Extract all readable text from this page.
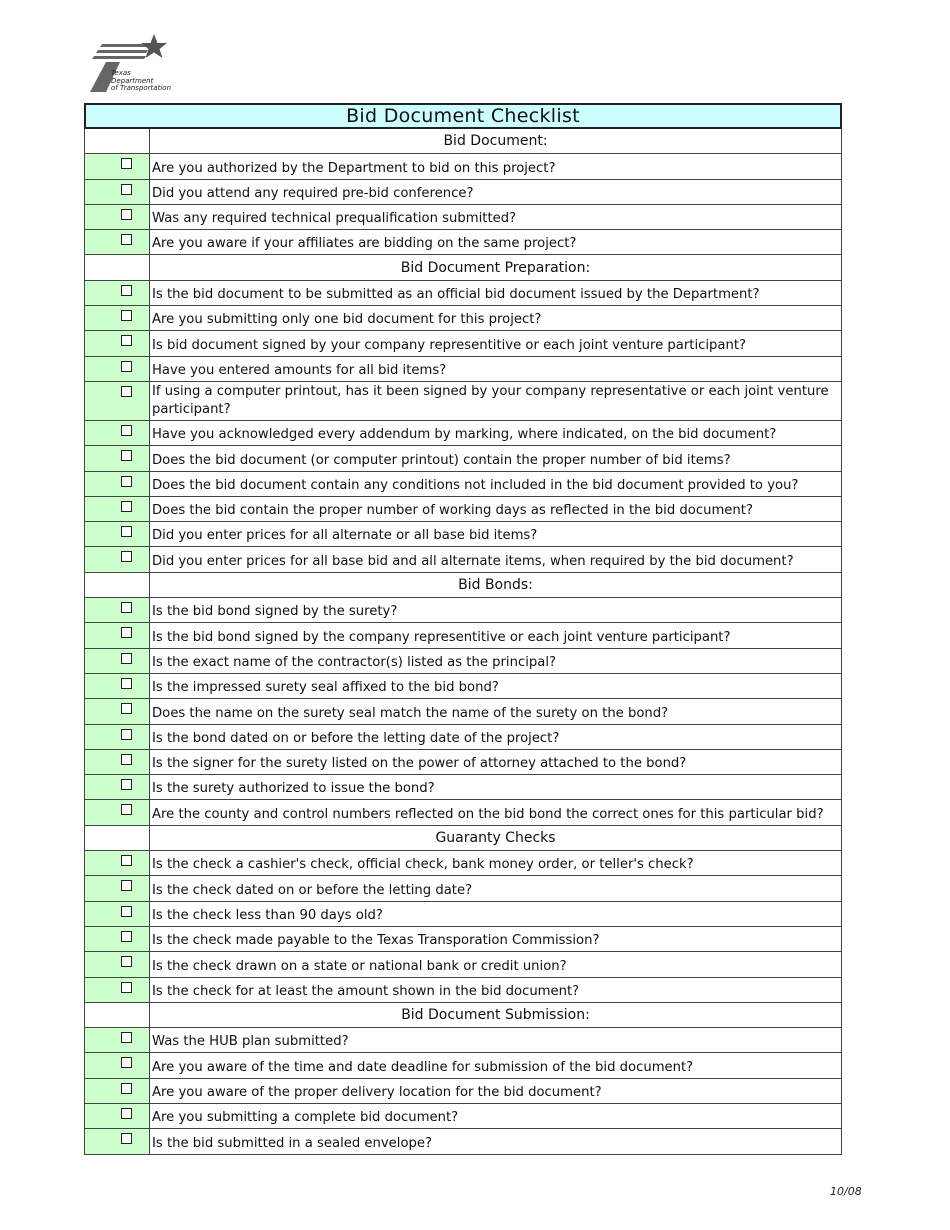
Texas
Department
of Transportation
Bid Document Checklist
Bid Document:
Are you authorized by the Department to bid on this project?
Did you attend any required pre-bid conference?
Was any required technical prequalification submitted?
Are you aware if your affiliates are bidding on the same project?
Bid Document Preparation:
Is the bid document to be submitted as an official bid document issued by the Department?
Are you submitting only one bid document for this project?
Is bid document signed by your company representitive or each joint venture participant?
Have you entered amounts for all bid items?
If using a computer printout, has it been signed by your company representative or each joint venture participant?
Have you acknowledged every addendum by marking, where indicated, on the bid document?
Does the bid document (or computer printout) contain the proper number of bid items?
Does the bid document contain any conditions not included in the bid document provided to you?
Does the bid contain the proper number of working days as reflected in the bid document?
Did you enter prices for all alternate or all base bid items?
Did you enter prices for all base bid and all alternate items, when required by the bid document?
Bid Bonds:
Is the bid bond signed by the surety?
Is the bid bond signed by the company representitive or each joint venture participant?
Is the exact name of the contractor(s) listed as the principal?
Is the impressed surety seal affixed to the bid bond?
Does the name on the surety seal match the name of the surety on the bond?
Is the bond dated on or before the letting date of the project?
Is the signer for the surety listed on the power of attorney attached to the bond?
Is the surety authorized to issue the bond?
Are the county and control numbers reflected on the bid bond the correct ones for this particular bid?
Guaranty Checks
Is the check a cashier's check, official check, bank money order, or teller's check?
Is the check dated on or before the letting date?
Is the check less than 90 days old?
Is the check made payable to the Texas Transporation Commission?
Is the check drawn on a state or national bank or credit union?
Is the check for at least the amount shown in the bid document?
Bid Document Submission:
Was the HUB plan submitted?
Are you aware of the time and date deadline for submission of the bid document?
Are you aware of the proper delivery location for the bid document?
Are you submitting a complete bid document?
Is the bid submitted in a sealed envelope?
10/08
